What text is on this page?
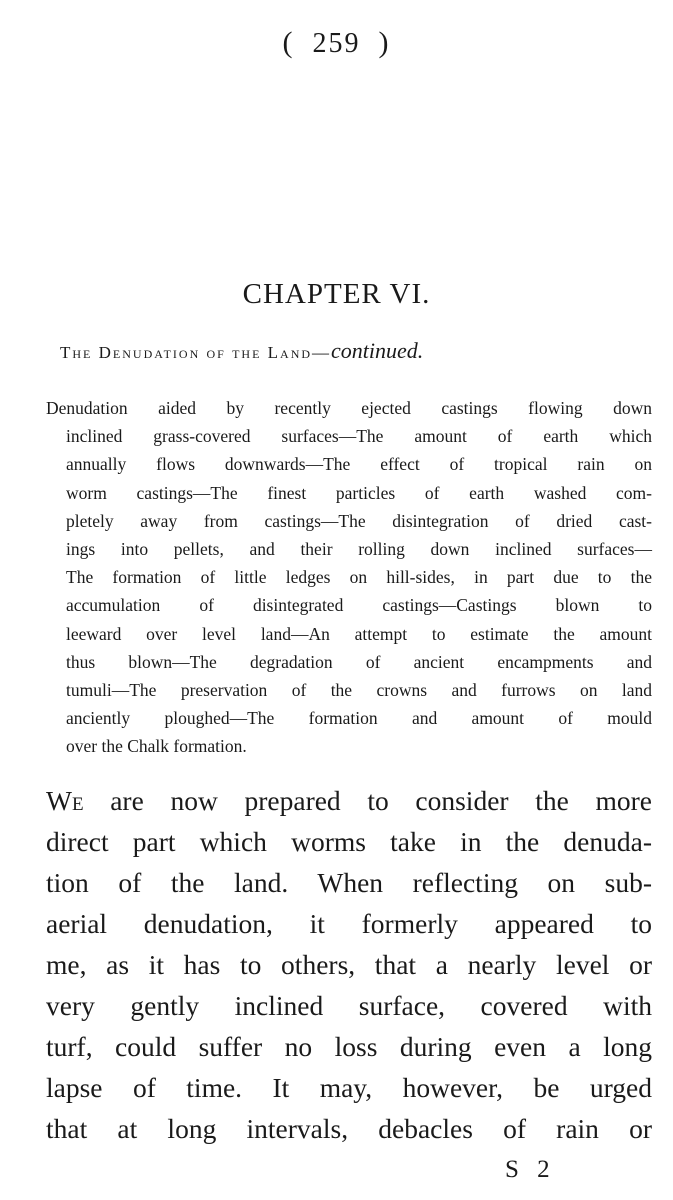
( 259 )
CHAPTER VI.
The Denudation of the Land—continued.
Denudation aided by recently ejected castings flowing down
inclined grass-covered surfaces—The amount of earth which
annually flows downwards—The effect of tropical rain on
worm castings—The finest particles of earth washed com-
pletely away from castings—The disintegration of dried cast-
ings into pellets, and their rolling down inclined surfaces—
The formation of little ledges on hill-sides, in part due to the
accumulation of disintegrated castings—Castings blown to
leeward over level land—An attempt to estimate the amount
thus blown—The degradation of ancient encampments and
tumuli—The preservation of the crowns and furrows on land
anciently ploughed—The formation and amount of mould
over the Chalk formation.
We are now prepared to consider the more
direct part which worms take in the denuda-
tion of the land. When reflecting on sub-
aerial denudation, it formerly appeared to
me, as it has to others, that a nearly level or
very gently inclined surface, covered with
turf, could suffer no loss during even a long
lapse of time. It may, however, be urged
that at long intervals, debacles of rain or
S 2
